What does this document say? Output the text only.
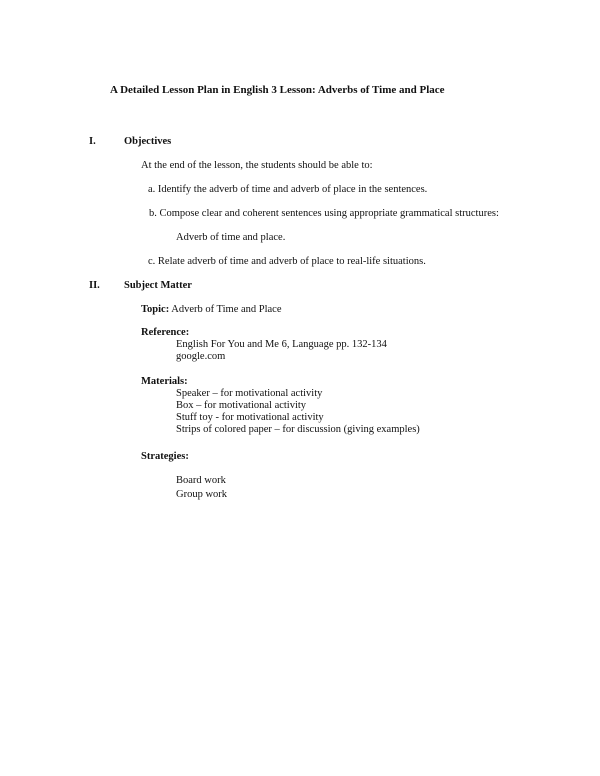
A Detailed Lesson Plan in English 3 Lesson: Adverbs of Time and Place
I.	Objectives
At the end of the lesson, the students should be able to:
a. Identify the adverb of time and adverb of place in the sentences.
b. Compose clear and coherent sentences using appropriate grammatical structures:
Adverb of time and place.
c. Relate adverb of time and adverb of place to real-life situations.
II. Subject Matter
Topic: Adverb of Time and Place
Reference:
English For You and Me 6, Language pp. 132-134
google.com
Materials:
Speaker – for motivational activity
Box – for motivational activity
Stuff toy - for motivational activity
Strips of colored paper – for discussion (giving examples)
Strategies:
Board work
Group work
